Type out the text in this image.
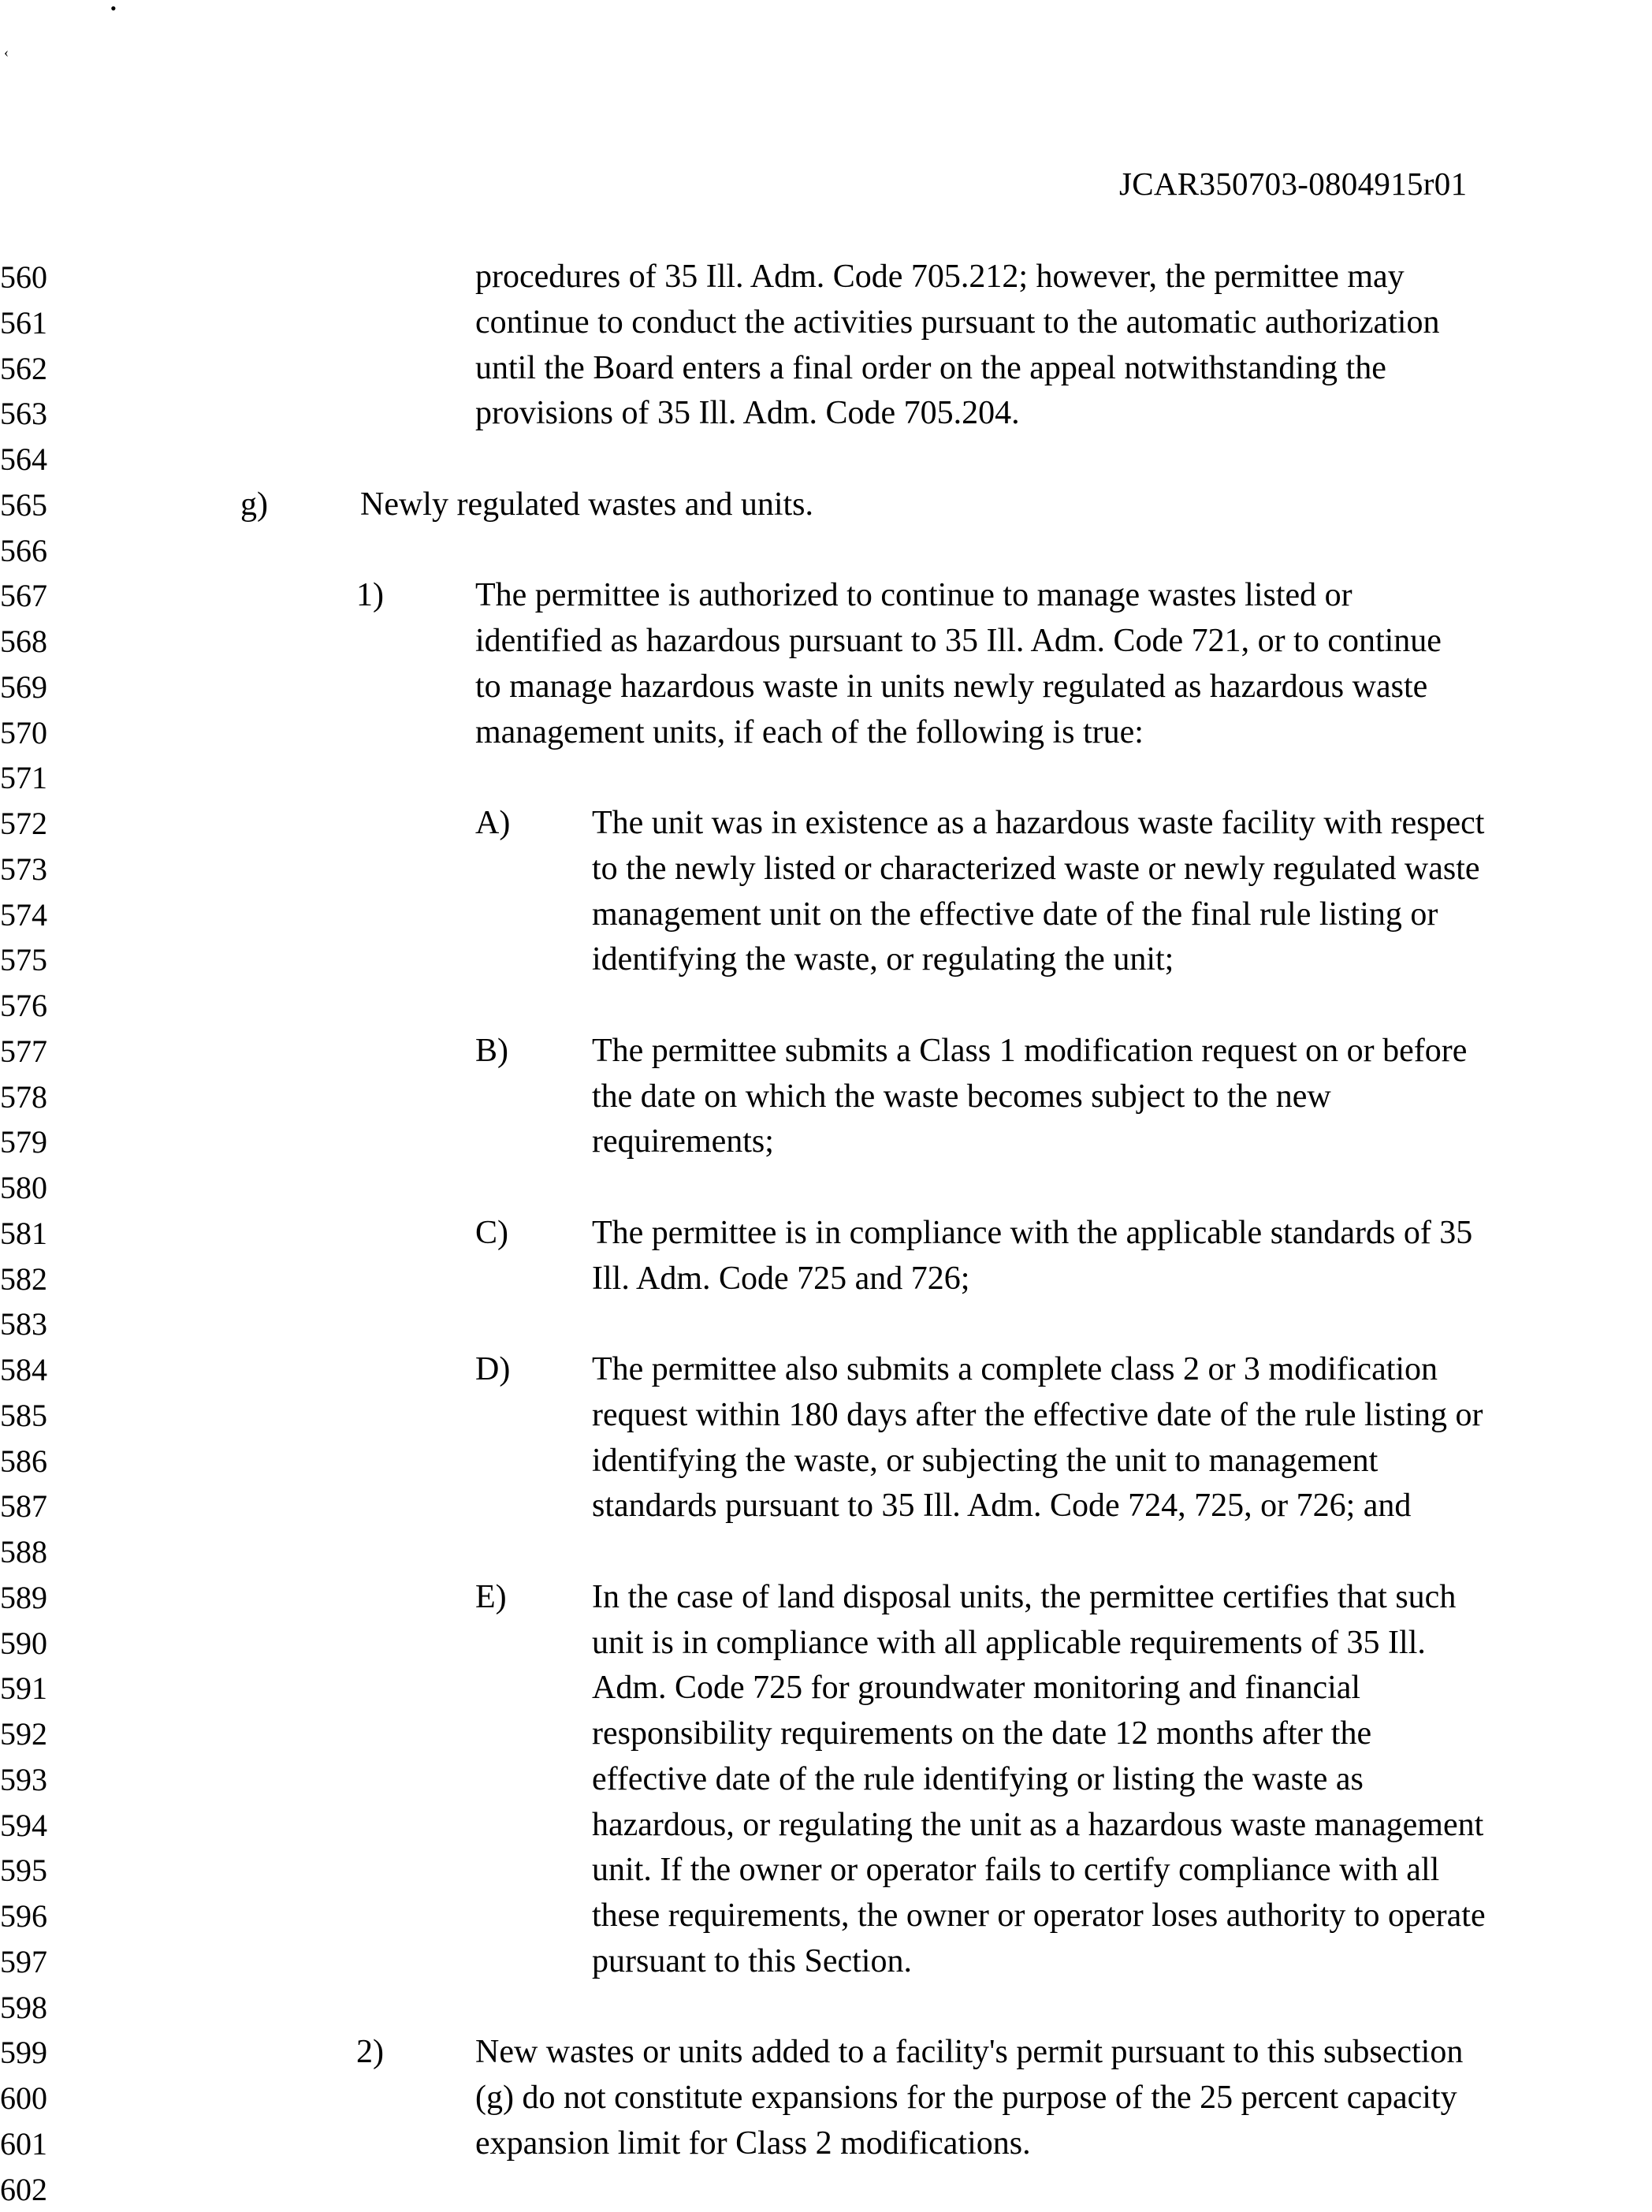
•
‹
JCAR350703-0804915r01
560	procedures of 35 Ill. Adm. Code 705.212; however, the permittee may
561	continue to conduct the activities pursuant to the automatic authorization
562	until the Board enters a final order on the appeal notwithstanding the
563	provisions of 35 Ill. Adm. Code 705.204.
564
565	g)	Newly regulated wastes and units.
566
567	1)	The permittee is authorized to continue to manage wastes listed or
568	identified as hazardous pursuant to 35 Ill. Adm. Code 721, or to continue
569	to manage hazardous waste in units newly regulated as hazardous waste
570	management units, if each of the following is true:
571
572	A) The unit was in existence as a hazardous waste facility with respect
573	to the newly listed or characterized waste or newly regulated waste
574	management unit on the effective date of the final rule listing or
575	identifying the waste, or regulating the unit;
576
577	B)	The permittee submits a Class 1 modification request on or before
578	the date on which the waste becomes subject to the new
579	requirements;
580
581	C)	The permittee is in compliance with the applicable standards of 35
582	Ill. Adm. Code 725 and 726;
583
584	D) The permittee also submits a complete class 2 or 3 modification
585	request within 180 days after the effective date of the rule listing or
586	identifying the waste, or subjecting the unit to management
587	standards pursuant to 35 Ill. Adm. Code 724, 725, or 726; and
588
589	E)	In the case of land disposal units, the permittee certifies that such
590	unit is in compliance with all applicable requirements of 35 Ill.
591	Adm. Code 725 for groundwater monitoring and financial
592	responsibility requirements on the date 12 months after the
593	effective date of the rule identifying or listing the waste as
594	hazardous, or regulating the unit as a hazardous waste management
595	unit. If the owner or operator fails to certify compliance with all
596	these requirements, the owner or operator loses authority to operate
597	pursuant to this Section.
598
599	2)	New wastes or units added to a facility's permit pursuant to this subsection
600	(g) do not constitute expansions for the purpose of the 25 percent capacity
601	expansion limit for Class 2 modifications.
602
